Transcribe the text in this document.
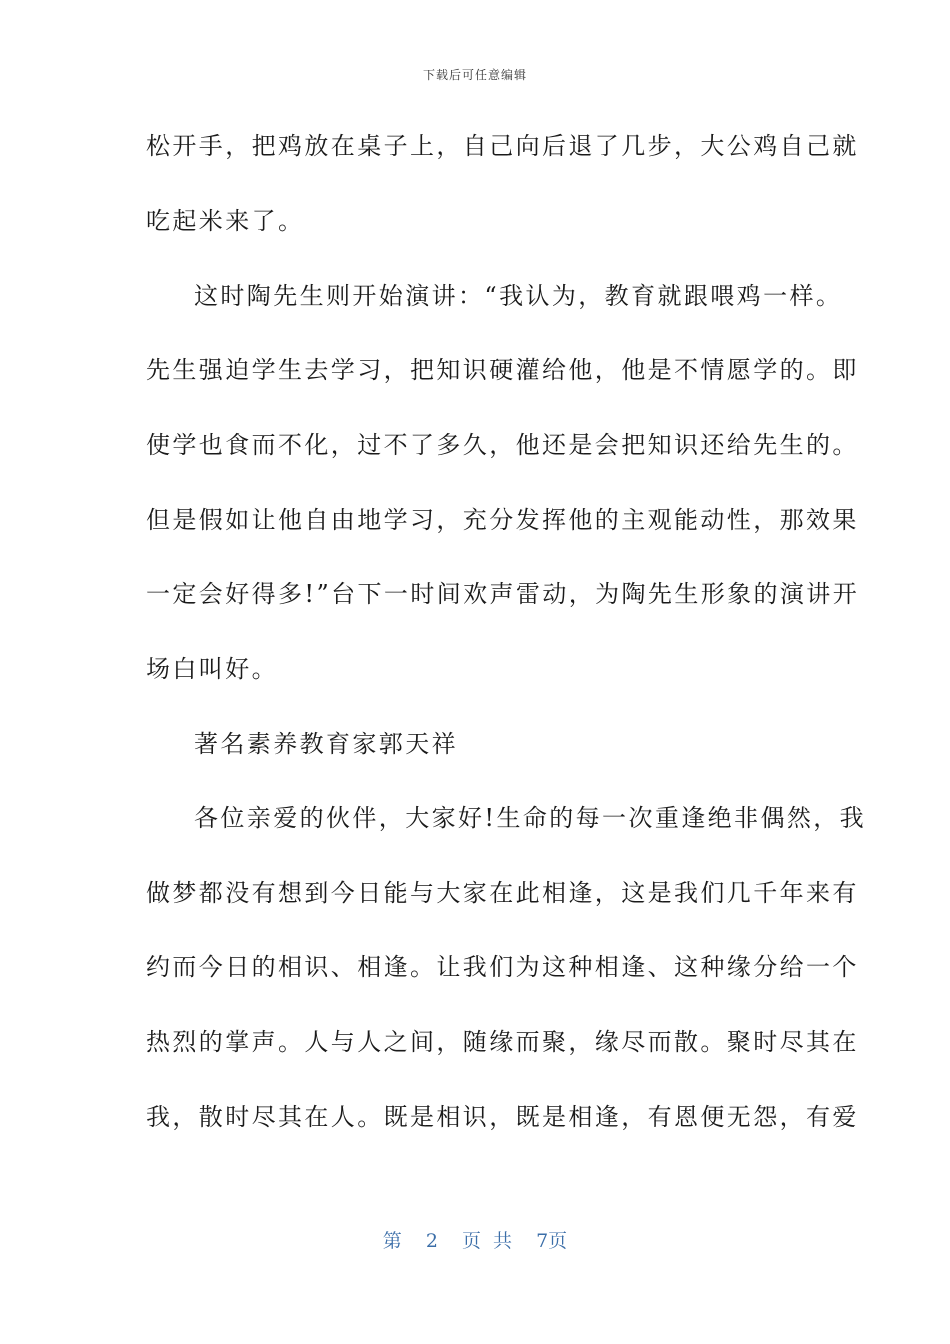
下载后可任意编辑
松开手，把鸡放在桌子上，自己向后退了几步，大公鸡自己就
吃起米来了。
这时陶先生则开始演讲：“我认为，教育就跟喂鸡一样。
先生强迫学生去学习，把知识硬灌给他，他是不情愿学的。即
使学也食而不化，过不了多久，他还是会把知识还给先生的。
但是假如让他自由地学习，充分发挥他的主观能动性，那效果
一定会好得多!”台下一时间欢声雷动，为陶先生形象的演讲开
场白叫好。
著名素养教育家郭天祥
各位亲爱的伙伴，大家好!生命的每一次重逢绝非偶然，我
做梦都没有想到今日能与大家在此相逢，这是我们几千年来有
约而今日的相识、相逢。让我们为这种相逢、这种缘分给一个
热烈的掌声。人与人之间，随缘而聚，缘尽而散。聚时尽其在
我，散时尽其在人。既是相识，既是相逢，有恩便无怨，有爱
第 2 页 共 7页
